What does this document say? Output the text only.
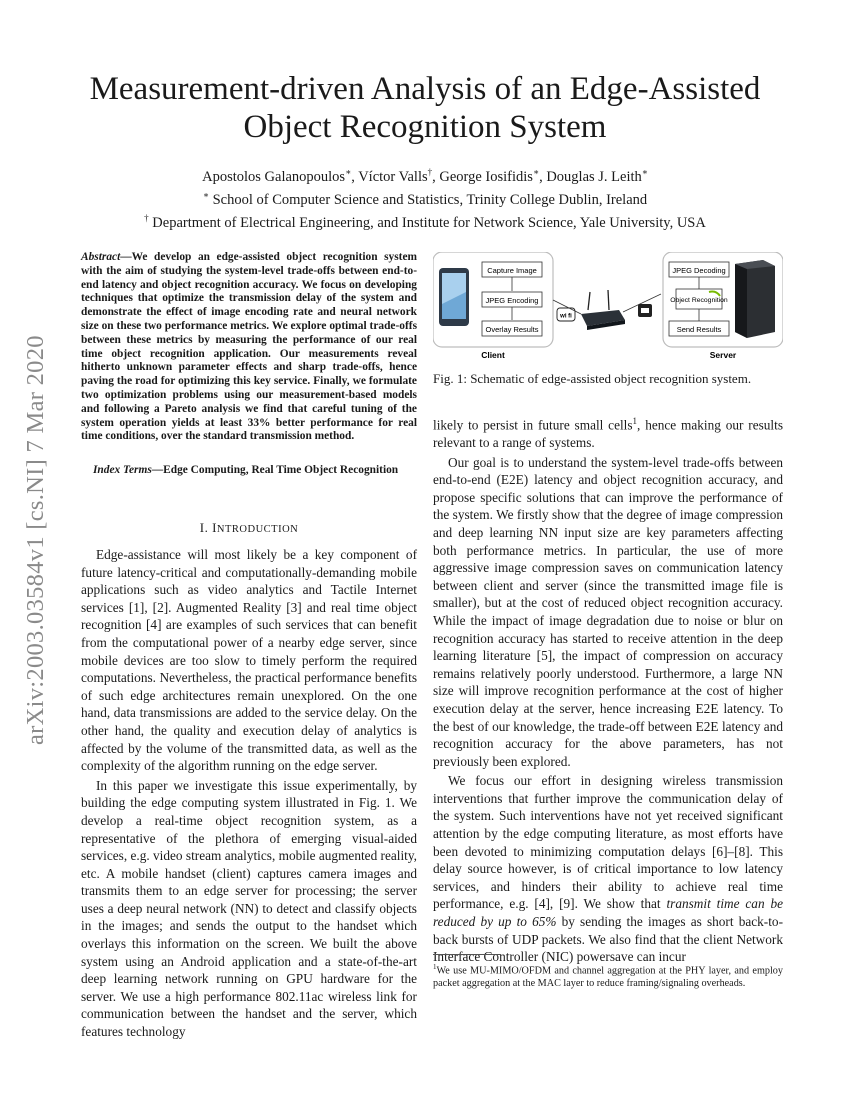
Measurement-driven Analysis of an Edge-Assisted
Object Recognition System
Apostolos Galanopoulos∗, Víctor Valls†, George Iosifidis∗, Douglas J. Leith∗
∗ School of Computer Science and Statistics, Trinity College Dublin, Ireland
† Department of Electrical Engineering, and Institute for Network Science, Yale University, USA
arXiv:2003.03584v1 [cs.NI] 7 Mar 2020
Abstract—We develop an edge-assisted object recognition system with the aim of studying the system-level trade-offs between end-to-end latency and object recognition accuracy. We focus on developing techniques that optimize the transmission delay of the system and demonstrate the effect of image encoding rate and neural network size on these two performance metrics. We explore optimal trade-offs between these metrics by measuring the performance of our real time object recognition application. Our measurements reveal hitherto unknown parameter effects and sharp trade-offs, hence paving the road for optimizing this key service. Finally, we formulate two optimization problems using our measurement-based models and following a Pareto analysis we find that careful tuning of the system operation yields at least 33% better performance for real time conditions, over the standard transmission method.
Index Terms—Edge Computing, Real Time Object Recognition
I. INTRODUCTION

Edge-assistance will most likely be a key component of future latency-critical and computationally-demanding mobile applications such as video analytics and Tactile Internet services [1], [2]. Augmented Reality [3] and real time object recognition [4] are examples of such services that can benefit from the computational power of a nearby edge server, since mobile devices are too slow to timely perform the required computations. Nevertheless, the practical performance benefits of such edge architectures remain unexplored. On the one hand, data transmissions are added to the service delay. On the other hand, the quality and execution delay of analytics is affected by the volume of the transmitted data, as well as the complexity of the algorithm running on the edge server.

In this paper we investigate this issue experimentally, by building the edge computing system illustrated in Fig. 1. We develop a real-time object recognition system, as a representative of the plethora of emerging visual-aided services, e.g. video stream analytics, mobile augmented reality, etc. A mobile handset (client) captures camera images and transmits them to an edge server for processing; the server uses a deep neural network (NN) to detect and classify objects in the images; and sends the output to the handset which overlays this information on the screen. We built the above system using an Android application and a state-of-the-art deep learning network running on GPU hardware for the server. We use a high performance 802.11ac wireless link for communication between the handset and the server, which features technology

Capture Image
JPEG Encoding
Overlay Results
Client
wi fi
JPEG Decoding
Object Recognition
Send Results
Server
Fig. 1: Schematic of edge-assisted object recognition system.

likely to persist in future small cells$^1$, hence making our results relevant to a range of systems.

Our goal is to understand the system-level trade-offs between end-to-end (E2E) latency and object recognition accuracy, and propose specific solutions that can improve the performance of the system. We firstly show that the degree of image compression and deep learning NN input size are key parameters affecting both performance metrics. In particular, the use of more aggressive image compression saves on communication latency between client and server (since the transmitted image file is smaller), but at the cost of reduced object recognition accuracy. While the impact of image degradation due to noise or blur on recognition accuracy has started to receive attention in the deep learning literature [5], the impact of compression on accuracy remains relatively poorly understood. Furthermore, a large NN size will improve recognition performance at the cost of higher execution delay at the server, hence increasing E2E latency. To the best of our knowledge, the trade-off between E2E latency and recognition accuracy for the above parameters, has not previously been explored.

We focus our effort in designing wireless transmission interventions that further improve the communication delay of the system. Such interventions have not yet received significant attention by the edge computing literature, as most efforts have been devoted to minimizing computation delays [6]–[8]. This delay source however, is of critical importance to low latency services, and hinders their ability to achieve real time performance, e.g. [4], [9]. We show that transmit time can be reduced by up to 65% by sending the images as short back-to-back bursts of UDP packets. We also find that the client Network Interface Controller (NIC) powersave can incur

$^1$We use MU-MIMO/OFDM and channel aggregation at the PHY layer, and employ packet aggregation at the MAC layer to reduce framing/signaling overheads.
